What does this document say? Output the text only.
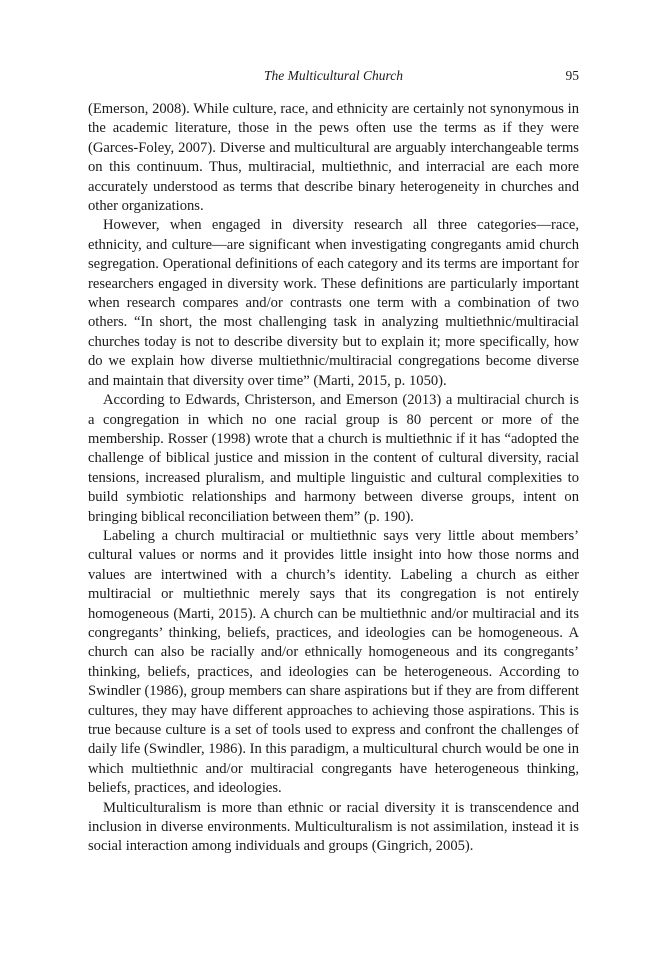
The Multicultural Church	95

(Emerson, 2008). While culture, race, and ethnicity are certainly not synonymous in the academic literature, those in the pews often use the terms as if they were (Garces-Foley, 2007). Diverse and multicultural are arguably interchangeable terms on this continuum. Thus, multiracial, multiethnic, and interracial are each more accurately understood as terms that describe binary heterogeneity in churches and other organizations.

However, when engaged in diversity research all three categories—race, ethnicity, and culture—are significant when investigating congregants amid church segregation. Operational definitions of each category and its terms are important for researchers engaged in diversity work. These definitions are particularly important when research compares and/or contrasts one term with a combination of two others. “In short, the most challenging task in analyzing multiethnic/multiracial churches today is not to describe diversity but to explain it; more specifically, how do we explain how diverse multiethnic/multiracial congregations become diverse and maintain that diversity over time” (Marti, 2015, p. 1050).

According to Edwards, Christerson, and Emerson (2013) a multiracial church is a congregation in which no one racial group is 80 percent or more of the membership. Rosser (1998) wrote that a church is multiethnic if it has “adopted the challenge of biblical justice and mission in the content of cultural diversity, racial tensions, increased pluralism, and multiple linguistic and cultural complexities to build symbiotic relationships and harmony between diverse groups, intent on bringing biblical reconciliation between them” (p. 190).

Labeling a church multiracial or multiethnic says very little about members’ cultural values or norms and it provides little insight into how those norms and values are intertwined with a church’s identity. Labeling a church as either multiracial or multiethnic merely says that its congregation is not entirely homogeneous (Marti, 2015). A church can be multiethnic and/or multiracial and its congregants’ thinking, beliefs, practices, and ideologies can be homogeneous. A church can also be racially and/or ethnically homogeneous and its congregants’ thinking, beliefs, practices, and ideologies can be heterogeneous. According to Swindler (1986), group members can share aspirations but if they are from different cultures, they may have different approaches to achieving those aspirations. This is true because culture is a set of tools used to express and confront the challenges of daily life (Swindler, 1986). In this paradigm, a multicultural church would be one in which multiethnic and/or multiracial congregants have heterogeneous thinking, beliefs, practices, and ideologies.

Multiculturalism is more than ethnic or racial diversity it is transcendence and inclusion in diverse environments. Multiculturalism is not assimilation, instead it is social interaction among individuals and groups (Gingrich, 2005).
